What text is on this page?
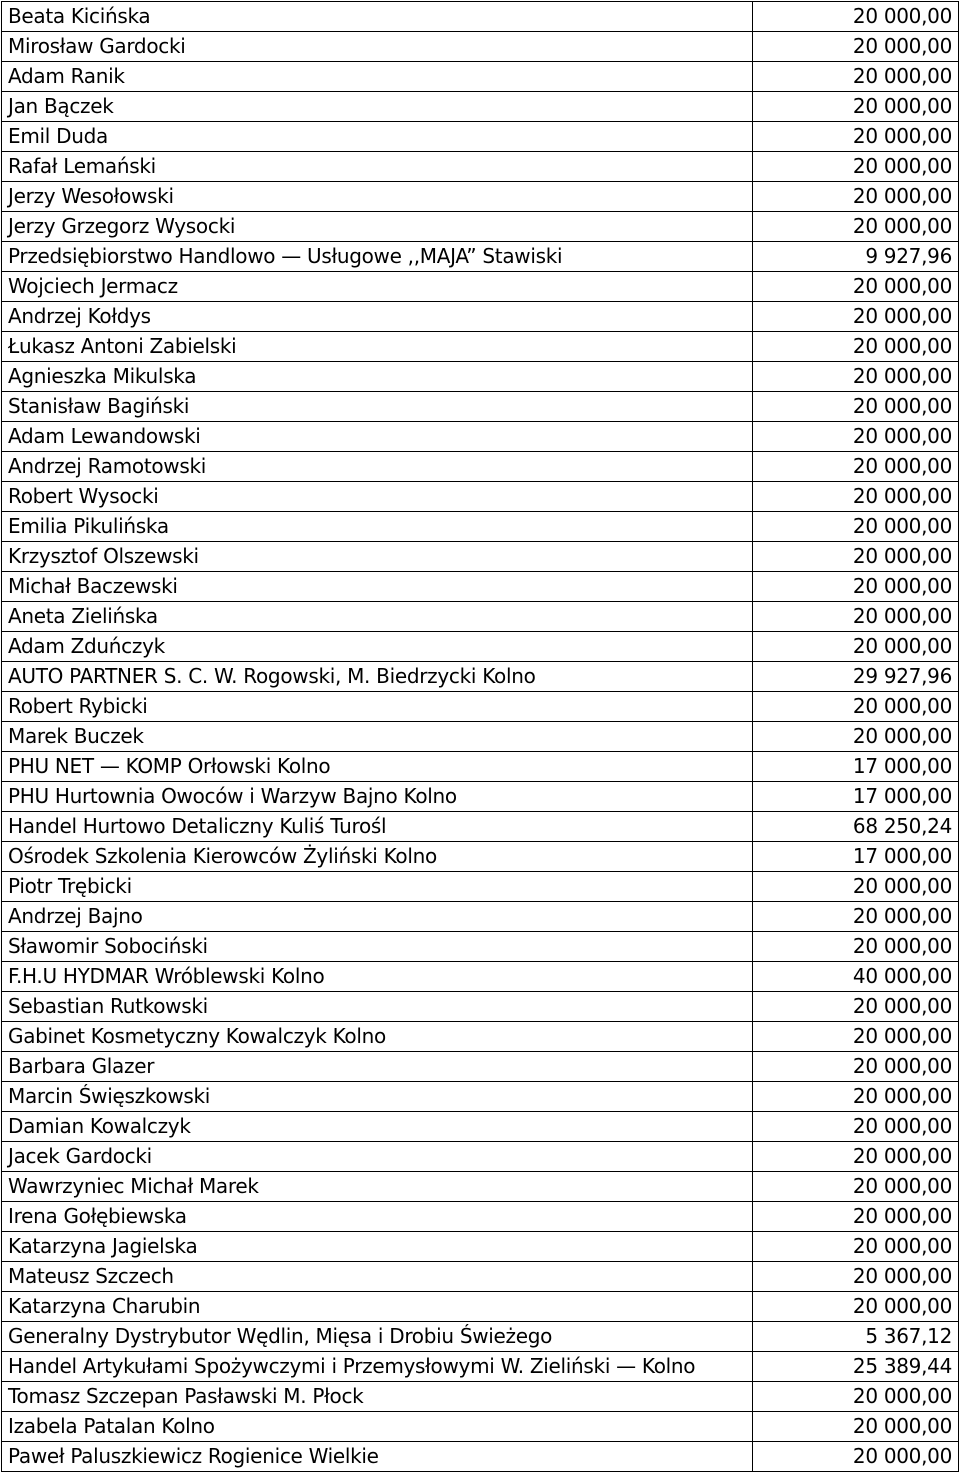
Beata Kicińska	20 000,00
Mirosław Gardocki	20 000,00
Adam Ranik	20 000,00
Jan Bączek	20 000,00
Emil Duda	20 000,00
Rafał Lemański	20 000,00
Jerzy Wesołowski	20 000,00
Jerzy Grzegorz Wysocki	20 000,00
Przedsiębiorstwo Handlowo — Usługowe ,,MAJA” Stawiski	9 927,96
Wojciech Jermacz	20 000,00
Andrzej Kołdys	20 000,00
Łukasz Antoni Zabielski	20 000,00
Agnieszka Mikulska	20 000,00
Stanisław Bagiński	20 000,00
Adam Lewandowski	20 000,00
Andrzej Ramotowski	20 000,00
Robert Wysocki	20 000,00
Emilia Pikulińska	20 000,00
Krzysztof Olszewski	20 000,00
Michał Baczewski	20 000,00
Aneta Zielińska	20 000,00
Adam Zduńczyk	20 000,00
AUTO PARTNER S. C. W. Rogowski, M. Biedrzycki Kolno	29 927,96
Robert Rybicki	20 000,00
Marek Buczek	20 000,00
PHU NET — KOMP Orłowski Kolno	17 000,00
PHU Hurtownia Owoców i Warzyw Bajno Kolno	17 000,00
Handel Hurtowo Detaliczny Kuliś Turośl	68 250,24
Ośrodek Szkolenia Kierowców Żyliński Kolno	17 000,00
Piotr Trębicki	20 000,00
Andrzej Bajno	20 000,00
Sławomir Sobociński	20 000,00
F.H.U HYDMAR Wróblewski Kolno	40 000,00
Sebastian Rutkowski	20 000,00
Gabinet Kosmetyczny Kowalczyk Kolno	20 000,00
Barbara Glazer	20 000,00
Marcin Święszkowski	20 000,00
Damian Kowalczyk	20 000,00
Jacek Gardocki	20 000,00
Wawrzyniec Michał Marek	20 000,00
Irena Gołębiewska	20 000,00
Katarzyna Jagielska	20 000,00
Mateusz Szczech	20 000,00
Katarzyna Charubin	20 000,00
Generalny Dystrybutor Wędlin, Mięsa i Drobiu Świeżego	5 367,12
Handel Artykułami Spożywczymi i Przemysłowymi W. Zieliński — Kolno	25 389,44
Tomasz Szczepan Pasławski M. Płock	20 000,00
Izabela Patalan Kolno	20 000,00
Paweł Paluszkiewicz Rogienice Wielkie	20 000,00
